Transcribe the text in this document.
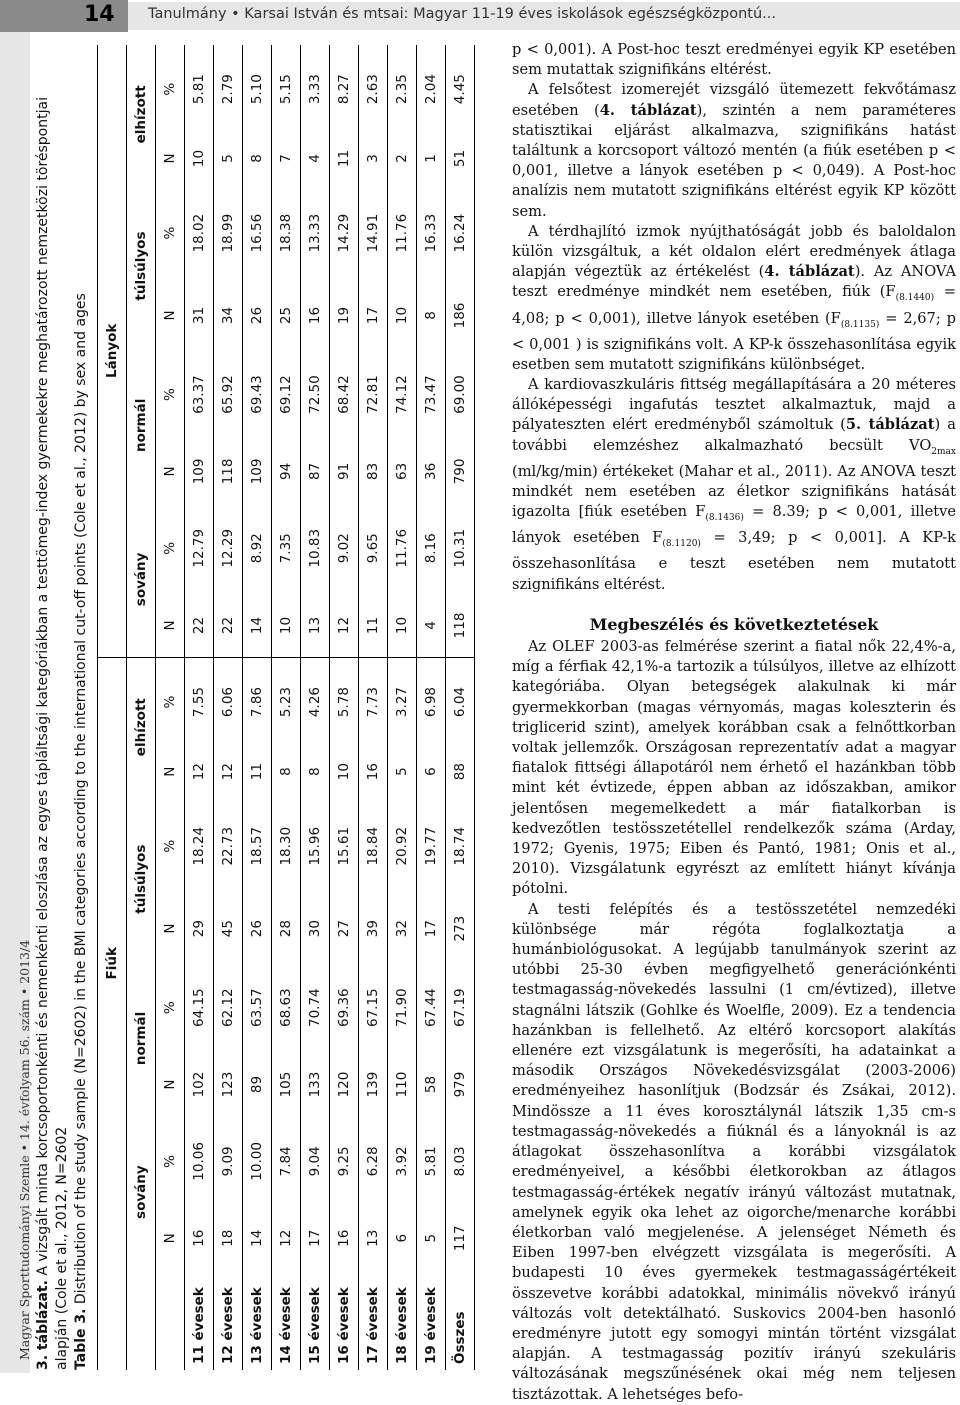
14 Tanulmány • Karsai István és mtsai: Magyar 11-19 éves iskolások egészségközpontú...
Magyar Sporttudományi Szemle • 14. évfolyam 56. szám • 2013/4 3. táblázat. A vizsgált minta korcsoportonkénti és nemenkénti eloszlása az egyes tápláltsági kategóriákban a testtömeg-index gyermekekre meghatározott nemzetközi töréspontjai alapján (Cole et al., 2012, N=2602 Table 3. Distribution of the study sample (N=2602) in the BMI categories according to the international cut-off points (Cole et al., 2012) by sex and ages
	Fiúk								Lányok							
	sovány		normál		túlsúlyos		elhízott		sovány		normál		túlsúlyos		elhízott	
	N	%	N	%	N	%	N	%	N	%	N	%	N	%	N	%
11 évesek	16	10.06	102	64.15	29	18.24	12	7.55	22	12.79	109	63.37	31	18.02	10	5.81
12 évesek	18	9.09	123	62.12	45	22.73	12	6.06	22	12.29	118	65.92	34	18.99	5	2.79
13 évesek	14	10.00	89	63.57	26	18.57	11	7.86	14	8.92	109	69.43	26	16.56	8	5.10
14 évesek	12	7.84	105	68.63	28	18.30	8	5.23	10	7.35	94	69.12	25	18.38	7	5.15
15 évesek	17	9.04	133	70.74	30	15.96	8	4.26	13	10.83	87	72.50	16	13.33	4	3.33
16 évesek	16	9.25	120	69.36	27	15.61	10	5.78	12	9.02	91	68.42	19	14.29	11	8.27
17 évesek	13	6.28	139	67.15	39	18.84	16	7.73	11	9.65	83	72.81	17	14.91	3	2.63
18 évesek	6	3.92	110	71.90	32	20.92	5	3.27	10	11.76	63	74.12	10	11.76	2	2.35
19 évesek	5	5.81	58	67.44	17	19.77	6	6.98	4	8.16	36	73.47	8	16.33	1	2.04
Összes	117	8.03	979	67.19	273	18.74	88	6.04	118	10.31	790	69.00	186	16.24	51	4.45

p < 0,001). A Post-hoc teszt eredményei egyik KP esetében sem mutattak szignifikáns eltérést.

A felsőtest izomerejét vizsgáló ütemezett fekvőtámasz esetében (4. táblázat), szintén a nem paraméteres statisztikai eljárást alkalmazva, szignifikáns hatást találtunk a korcsoport változó mentén (a fiúk esetében p < 0,001, illetve a lányok esetében p < 0,049). A Post-hoc analízis nem mutatott szignifikáns eltérést egyik KP között sem.

A térdhajlító izmok nyújthatóságát jobb és baloldalon külön vizsgáltuk, a két oldalon elért eredmények átlaga alapján végeztük az értékelést (4. táblázat). Az ANOVA teszt eredménye mindkét nem esetében, fiúk ($F_{(8.1440)} = 4,08$; p < 0,001), illetve lányok esetében ($F_{(8.1135)} = 2,67$; p < 0,001 ) is szignifikáns volt. A KP-k összehasonlítása egyik esetben sem mutatott szignifikáns különbséget.

A kardiovaszkuláris fittség megállapítására a 20 méteres állóképességi ingafutás tesztet alkalmaztuk, majd a pályateszten elért eredményből számoltuk (5. táblázat) a további elemzéshez alkalmazható becsült $VO_{2max}$ (ml/kg/min) értékeket (Mahar et al., 2011). Az ANOVA teszt mindkét nem esetében az életkor szignifikáns hatását igazolta [fiúk esetében $F_{(8.1436)} = 8.39$; p < 0,001, illetve lányok esetében $F_{(8.1120)} = 3,49$; p < 0,001]. A KP-k összehasonlítása e teszt esetében nem mutatott szignifikáns eltérést.

Megbeszélés és következtetések

Az OLEF 2003-as felmérése szerint a fiatal nők 22,4%-a, míg a férfiak 42,1%-a tartozik a túlsúlyos, illetve az elhízott kategóriába. Olyan betegségek alakulnak ki már gyermekkorban (magas vérnyomás, magas koleszterin és triglicerid szint), amelyek korábban csak a felnőttkorban voltak jellemzők. Országosan reprezentatív adat a magyar fiatalok fittségi állapotáról nem érhető el hazánkban több mint két évtizede, éppen abban az időszakban, amikor jelentősen megemelkedett a már fiatalkorban is kedvezőtlen testösszetétellel rendelkezők száma (Arday, 1972; Gyenis, 1975; Eiben és Pantó, 1981; Onis et al., 2010). Vizsgálatunk egyrészt az említett hiányt kívánja pótolni.

A testi felépítés és a testösszetétel nemzedéki különbsége már régóta foglalkoztatja a humánbiológusokat. A legújabb tanulmányok szerint az utóbbi 25-30 évben megfigyelhető generációnkénti testmagasság-növekedés lassulni (1 cm/évtized), illetve stagnálni látszik (Gohlke és Woelfle, 2009). Ez a tendencia hazánkban is fellelhető. Az eltérő korcsoport alakítás ellenére ezt vizsgálatunk is megerősíti, ha adatainkat a második Országos Növekedésvizsgálat (2003-2006) eredményeihez hasonlítjuk (Bodzsár és Zsákai, 2012). Mindössze a 11 éves korosztálynál látszik 1,35 cm-s testmagasság-növekedés a fiúknál és a lányoknál is az átlagokat összehasonlítva a korábbi vizsgálatok eredményeivel, a későbbi életkorokban az átlagos testmagasság-értékek negatív irányú változást mutatnak, amelynek egyik oka lehet az oigorche/menarche korábbi életkorban való megjelenése. A jelenséget Németh és Eiben 1997-ben elvégzett vizsgálata is megerősíti. A budapesti 10 éves gyermekek testmagasságértékeit összevetve korábbi adatokkal, minimális növekvő irányú változás volt detektálható. Suskovics 2004-ben hasonló eredményre jutott egy somogyi mintán történt vizsgálat alapján. A testmagasság pozitív irányú szekuláris változásának megszűnésének okai még nem teljesen tisztázottak. A lehetséges befo-
